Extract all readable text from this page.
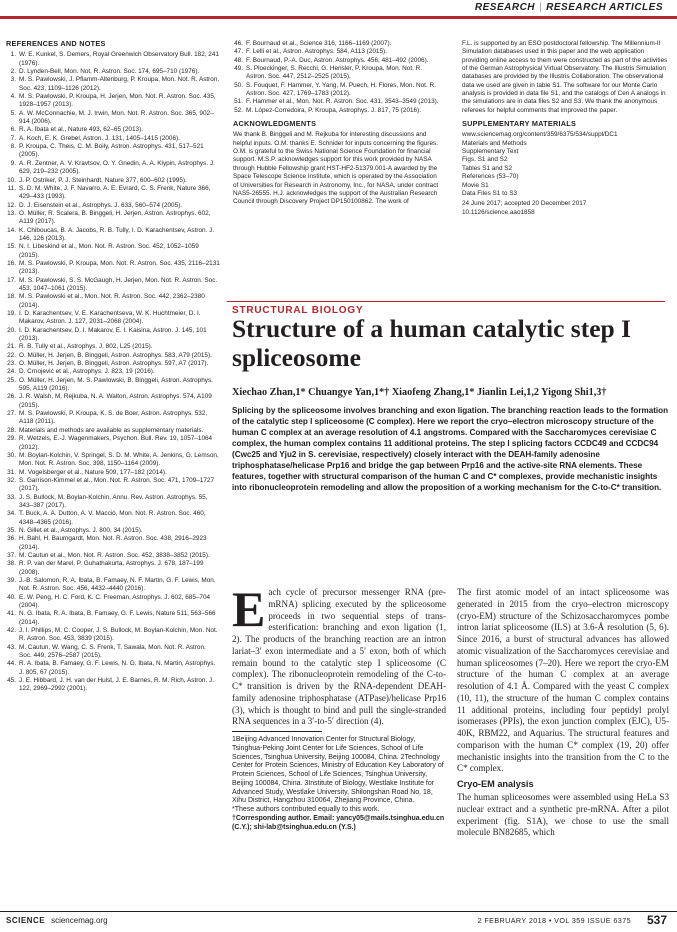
RESEARCH | RESEARCH ARTICLES
REFERENCES AND NOTES
1. W. E. Kunkel, S. Demers, Royal Greenwich Observatory Bull. 182, 241 (1976).
2. D. Lynden-Bell, Mon. Not. R. Astron. Soc. 174, 695–710 (1976).
3. M. S. Pawlowski, J. Pflamm-Altenburg, P. Kroupa, Mon. Not. R. Astron. Soc. 423, 1109–1126 (2012).
4. M. S. Pawlowski, P. Kroupa, H. Jerjen, Mon. Not. R. Astron. Soc. 435, 1928–1957 (2013).
5. A. W. McConnachie, M. J. Irwin, Mon. Not. R. Astron. Soc. 365, 902–914 (2006).
6. R. A. Ibata et al., Nature 493, 62–65 (2013).
7. A. Koch, E. K. Grebel, Astron. J. 131, 1405–1415 (2006).
8. P. Kroupa, C. Theis, C. M. Boily, Astron. Astrophys. 431, 517–521 (2005).
9. A. R. Zentner, A. V. Kravtsov, O. Y. Gnedin, A. A. Klypin, Astrophys. J. 629, 219–232 (2005).
10. J. P. Ostriker, P. J. Steinhardt, Nature 377, 600–602 (1995).
11. S. D. M. White, J. F. Navarro, A. E. Evrard, C. S. Frenk, Nature 366, 429–433 (1993).
12. D. J. Eisenstein et al., Astrophys. J. 633, 560–574 (2005).
13. O. Müller, R. Scalera, B. Binggeli, H. Jerjen, Astron. Astrophys. 602, A119 (2017).
14. K. Chiboucas, B. A. Jacobs, R. B. Tully, I. D. Karachentsev, Astron. J. 146, 126 (2013).
15. N. I. Libeskind et al., Mon. Not. R. Astron. Soc. 452, 1052–1059 (2015).
16. M. S. Pawlowski, P. Kroupa, Mon. Not. R. Astron. Soc. 435, 2116–2131 (2013).
17. M. S. Pawlowski, S. S. McGaugh, H. Jerjen, Mon. Not. R. Astron. Soc. 453, 1047–1061 (2015).
18. M. S. Pawlowski et al., Mon. Not. R. Astron. Soc. 442, 2362–2380 (2014).
19. I. D. Karachentsev, V. E. Karachentseva, W. K. Huchtmeier, D. I. Makarov, Astron. J. 127, 2031–2068 (2004).
20. I. D. Karachentsev, D. I. Makarov, E. I. Kaisina, Astron. J. 145, 101 (2013).
21. R. B. Tully et al., Astrophys. J. 802, L25 (2015).
22. O. Müller, H. Jerjen, B. Binggeli, Astron. Astrophys. 583, A79 (2015).
23. O. Müller, H. Jerjen, B. Binggeli, Astron. Astrophys. 597, A7 (2017).
24. D. Crnojević et al., Astrophys. J. 823, 19 (2016).
25. O. Müller, H. Jerjen, M. S. Pawlowski, B. Binggeli, Astron. Astrophys. 595, A119 (2016).
26. J. R. Walsh, M. Rejkuba, N. A. Walton, Astron. Astrophys. 574, A109 (2015).
27. M. S. Pawlowski, P. Kroupa, K. S. de Boer, Astron. Astrophys. 532, A118 (2011).
28. Materials and methods are available as supplementary materials.
29. R. Wetzels, E.-J. Wagenmakers, Psychon. Bull. Rev. 19, 1057–1064 (2012).
30. M. Boylan-Kolchin, V. Springel, S. D. M. White, A. Jenkins, G. Lemson, Mon. Not. R. Astron. Soc. 398, 1150–1164 (2009).
31. M. Vogelsberger et al., Nature 509, 177–182 (2014).
32. S. Garrison-Kimmel et al., Mon. Not. R. Astron. Soc. 471, 1709–1727 (2017).
33. J. S. Bullock, M. Boylan-Kolchin, Annu. Rev. Astron. Astrophys. 55, 343–387 (2017).
34. T. Buck, A. A. Dutton, A. V. Macciò, Mon. Not. R. Astron. Soc. 460, 4348–4365 (2016).
35. N. Gillet et al., Astrophys. J. 800, 34 (2015).
36. H. Bahl, H. Baumgardt, Mon. Not. R. Astron. Soc. 438, 2916–2923 (2014).
37. M. Cautun et al., Mon. Not. R. Astron. Soc. 452, 3838–3852 (2015).
38. R. P. van der Marel, P. Guhathakurta, Astrophys. J. 678, 187–199 (2008).
39. J.-B. Salomon, R. A. Ibata, B. Famaey, N. F. Martin, G. F. Lewis, Mon. Not. R. Astron. Soc. 456, 4432–4440 (2016).
40. E. W. Peng, H. C. Ford, K. C. Freeman, Astrophys. J. 602, 685–704 (2004).
41. N. G. Ibata, R. A. Ibata, B. Famaey, G. F. Lewis, Nature 511, 563–566 (2014).
42. J. I. Phillips, M. C. Cooper, J. S. Bullock, M. Boylan-Kolchin, Mon. Not. R. Astron. Soc. 453, 3839 (2015).
43. M. Cautun, W. Wang, C. S. Frenk, T. Sawala, Mon. Not. R. Astron. Soc. 449, 2576–2587 (2015).
44. R. A. Ibata, B. Famaey, G. F. Lewis, N. G. Ibata, N. Martin, Astrophys. J. 805, 67 (2015).
45. J. E. Hibbard, J. H. van der Hulst, J. E. Barnes, R. M. Rich, Astron. J. 122, 2969–2992 (2001).
46. F. Bournaud et al., Science 316, 1166–1169 (2007).
47. F. Lelli et al., Astron. Astrophys. 584, A113 (2015).
48. F. Bournaud, P.-A. Duc, Astron. Astrophys. 456, 481–492 (2006).
49. S. Ploeckinger, S. Recchi, G. Hensler, P. Kroupa, Mon. Not. R. Astron. Soc. 447, 2512–2525 (2015).
50. S. Fouquet, F. Hammer, Y. Yang, M. Puech, H. Flores, Mon. Not. R. Astron. Soc. 427, 1769–1783 (2012).
51. F. Hammer et al., Mon. Not. R. Astron. Soc. 431, 3543–3549 (2013).
52. M. López-Corredoira, P. Kroupa, Astrophys. J. 817, 75 (2016).
ACKNOWLEDGMENTS
We thank B. Binggeli and M. Rejkuba for interesting discussions and helpful inputs. O.M. thanks E. Schnider for inputs concerning the figures. O.M. is grateful to the Swiss National Science Foundation for financial support. M.S.P. acknowledges support for this work provided by NASA through Hubble Fellowship grant HST-HF2-51379.001-A awarded by the Space Telescope Science Institute, which is operated by the Association of Universities for Research in Astronomy, Inc., for NASA, under contract NAS5-26555. H.J. acknowledges the support of the Australian Research Council through Discovery Project DP150100862. The work of
F.L. is supported by an ESO postdoctoral fellowship. The Millennium-II Simulation databases used in this paper and the web application providing online access to them were constructed as part of the activities of the German Astrophysical Virtual Observatory. The Illustris Simulation databases are provided by the Illustris Collaboration. The observational data we used are given in table S1. The software for our Monte Carlo analysis is provided in data file S1, and the catalogs of Cen A analogs in the simulations are in data files S2 and S3. We thank the anonymous referees for helpful comments that improved the paper.
SUPPLEMENTARY MATERIALS
www.sciencemag.org/content/359/6375/534/suppl/DC1
Materials and Methods
Supplementary Text
Figs. S1 and S2
Tables S1 and S2
References (53–70)
Movie S1
Data Files S1 to S3
24 June 2017; accepted 20 December 2017
10.1126/science.aao1858
STRUCTURAL BIOLOGY
Structure of a human catalytic step I spliceosome
Xiechao Zhan,1* Chuangye Yan,1*† Xiaofeng Zhang,1* Jianlin Lei,1,2 Yigong Shi1,3†
Splicing by the spliceosome involves branching and exon ligation. The branching reaction leads to the formation of the catalytic step I spliceosome (C complex). Here we report the cryo–electron microscopy structure of the human C complex at an average resolution of 4.1 angstroms. Compared with the Saccharomyces cerevisiae C complex, the human complex contains 11 additional proteins. The step I splicing factors CCDC49 and CCDC94 (Cwc25 and Yju2 in S. cerevisiae, respectively) closely interact with the DEAH-family adenosine triphosphatase/helicase Prp16 and bridge the gap between Prp16 and the active-site RNA elements. These features, together with structural comparison of the human C and C* complexes, provide mechanistic insights into ribonucleoprotein remodeling and allow the proposition of a working mechanism for the C-to-C* transition.
Each cycle of precursor messenger RNA (pre-mRNA) splicing executed by the spliceosome proceeds in two sequential steps of trans-esterification: branching and exon ligation (1, 2). The products of the branching reaction are an intron lariat–3′ exon intermediate and a 5′ exon, both of which remain bound to the catalytic step I spliceosome (C complex). The ribonucleoprotein remodeling of the C-to-C* transition is driven by the RNA-dependent DEAH-family adenosine triphosphatase (ATPase)/helicase Prp16 (3), which is thought to bind and pull the single-stranded RNA sequences in a 3′-to-5′ direction (4).
1Beijing Advanced Innovation Center for Structural Biology, Tsinghua-Peking Joint Center for Life Sciences, School of Life Sciences, Tsinghua University, Beijing 100084, China. 2Technology Center for Protein Sciences, Ministry of Education Key Laboratory of Protein Sciences, School of Life Sciences, Tsinghua University, Beijing 100084, China. 3Institute of Biology, Westlake Institute for Advanced Study, Westlake University, Shilongshan Road No. 18, Xihu District, Hangzhou 310064, Zhejiang Province, China.
*These authors contributed equally to this work.
†Corresponding author. Email: yancy05@mails.tsinghua.edu.cn (C.Y.); shi-lab@tsinghua.edu.cn (Y.S.)
The first atomic model of an intact spliceosome was generated in 2015 from the cryo–electron microscopy (cryo-EM) structure of the Schizosaccharomyces pombe intron lariat spliceosome (ILS) at 3.6-Å resolution (5, 6). Since 2016, a burst of structural advances has allowed atomic visualization of the Saccharomyces cerevisiae and human spliceosomes (7–20). Here we report the cryo-EM structure of the human C complex at an average resolution of 4.1 Å. Compared with the yeast C complex (10, 11), the structure of the human C complex contains 11 additional proteins, including four peptidyl prolyl isomerases (PPIs), the exon junction complex (EJC), U5-40K, RBM22, and Aquarius. The structural features and comparison with the human C* complex (19, 20) offer mechanistic insights into the transition from the C to the C* complex.
Cryo-EM analysis
The human spliceosomes were assembled using HeLa S3 nuclear extract and a synthetic pre-mRNA. After a pilot experiment (fig. S1A), we chose to use the small molecule BN82685, which
SCIENCE sciencemag.org	2 FEBRUARY 2018 • VOL 359 ISSUE 6375 537
